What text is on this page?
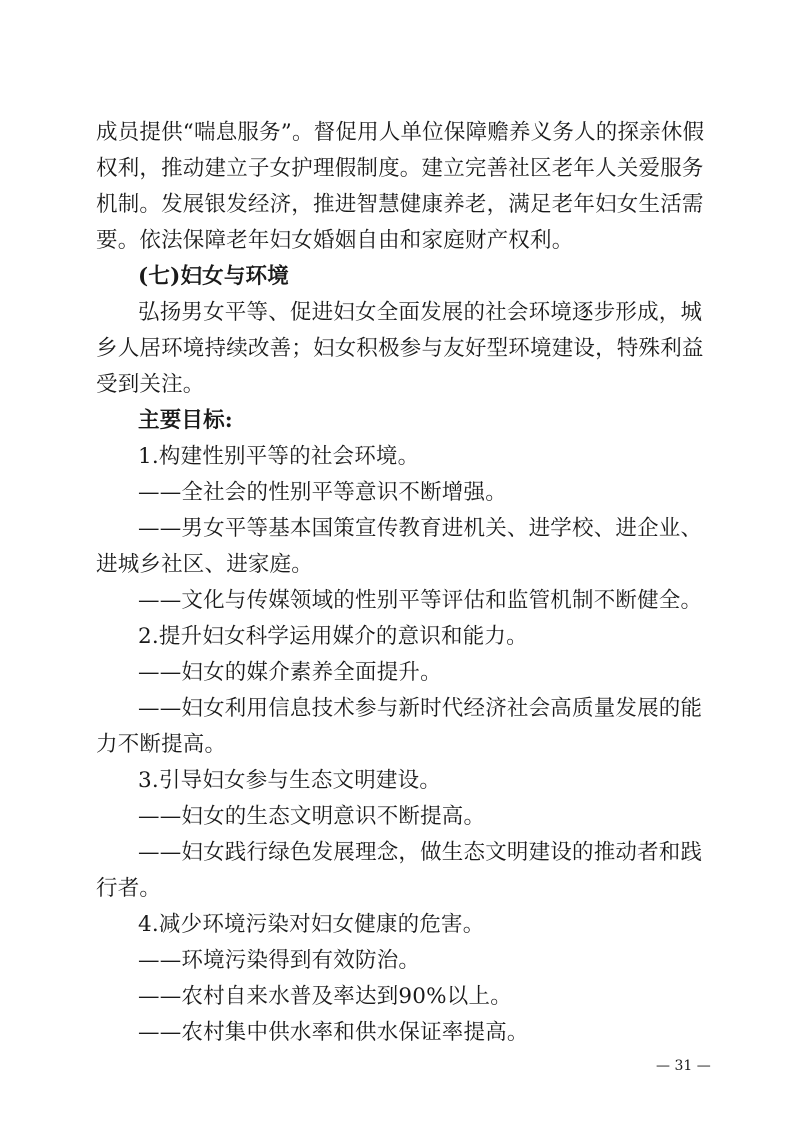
成员提供“喘息服务”。督促用人单位保障赡养义务人的探亲休假
权利，推动建立子女护理假制度。建立完善社区老年人关爱服务
机制。发展银发经济，推进智慧健康养老，满足老年妇女生活需
要。依法保障老年妇女婚姻自由和家庭财产权利。
(七)妇女与环境
弘扬男女平等、促进妇女全面发展的社会环境逐步形成，城
乡人居环境持续改善；妇女积极参与友好型环境建设，特殊利益
受到关注。
主要目标:
1.构建性别平等的社会环境。
——全社会的性别平等意识不断增强。
——男女平等基本国策宣传教育进机关、进学校、进企业、
进城乡社区、进家庭。
——文化与传媒领域的性别平等评估和监管机制不断健全。
2.提升妇女科学运用媒介的意识和能力。
——妇女的媒介素养全面提升。
——妇女利用信息技术参与新时代经济社会高质量发展的能
力不断提高。
3.引导妇女参与生态文明建设。
——妇女的生态文明意识不断提高。
——妇女践行绿色发展理念，做生态文明建设的推动者和践
行者。
4.减少环境污染对妇女健康的危害。
——环境污染得到有效防治。
——农村自来水普及率达到90%以上。
——农村集中供水率和供水保证率提高。
— 31 —
